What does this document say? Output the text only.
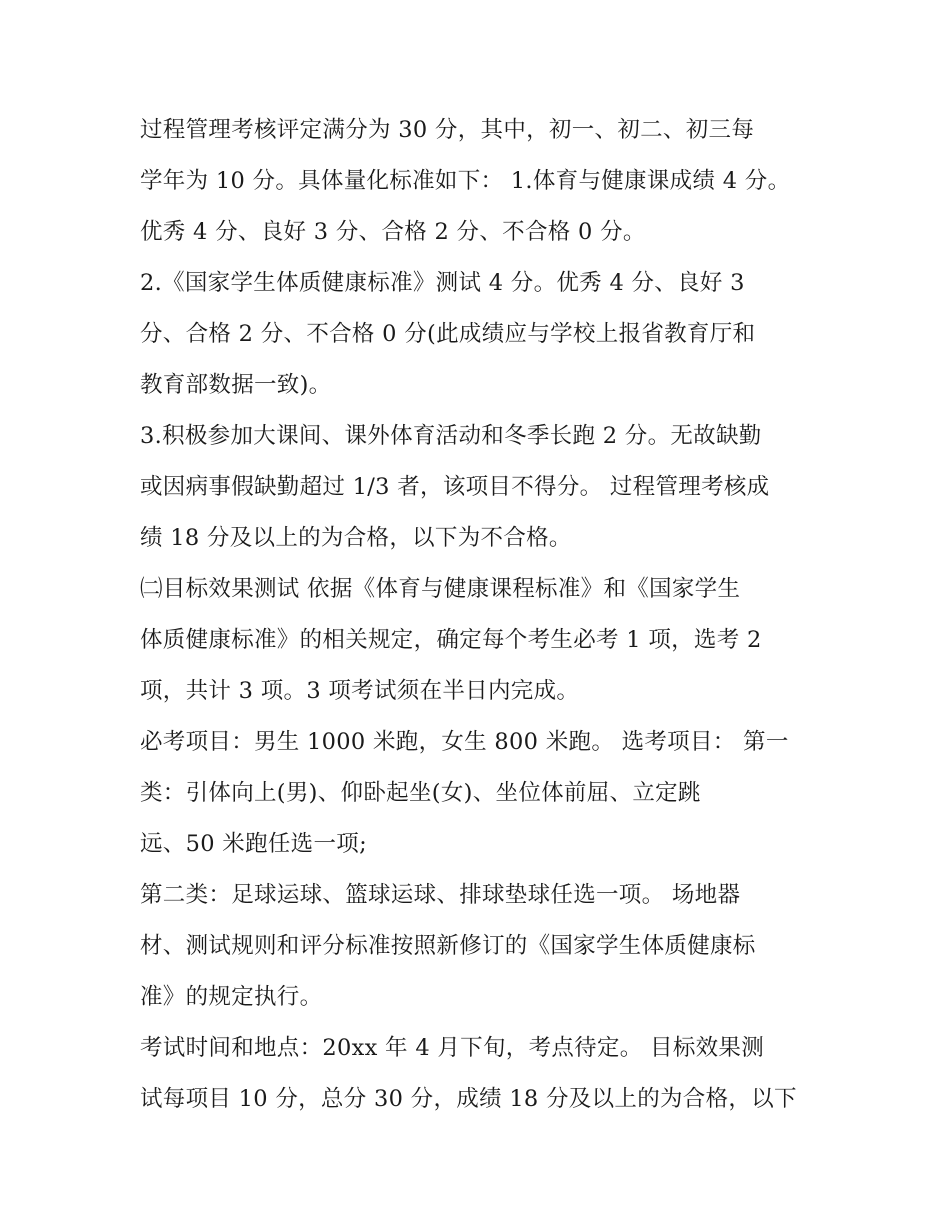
过程管理考核评定满分为 30 分，其中，初一、初二、初三每
学年为 10 分。具体量化标准如下： 1.体育与健康课成绩 4 分。
优秀 4 分、良好 3 分、合格 2 分、不合格 0 分。
2.《国家学生体质健康标准》测试 4 分。优秀 4 分、良好 3
分、合格 2 分、不合格 0 分(此成绩应与学校上报省教育厅和
教育部数据一致)。
3.积极参加大课间、课外体育活动和冬季长跑 2 分。无故缺勤
或因病事假缺勤超过 1/3 者，该项目不得分。 过程管理考核成
绩 18 分及以上的为合格，以下为不合格。
㈡目标效果测试 依据《体育与健康课程标准》和《国家学生
体质健康标准》的相关规定，确定每个考生必考 1 项，选考 2
项，共计 3 项。3 项考试须在半日内完成。
必考项目：男生 1000 米跑，女生 800 米跑。 选考项目： 第一
类：引体向上(男)、仰卧起坐(女)、坐位体前屈、立定跳
远、50 米跑任选一项;
第二类：足球运球、篮球运球、排球垫球任选一项。 场地器
材、测试规则和评分标准按照新修订的《国家学生体质健康标
准》的规定执行。
考试时间和地点：20xx 年 4 月下旬，考点待定。 目标效果测
试每项目 10 分，总分 30 分，成绩 18 分及以上的为合格，以下
